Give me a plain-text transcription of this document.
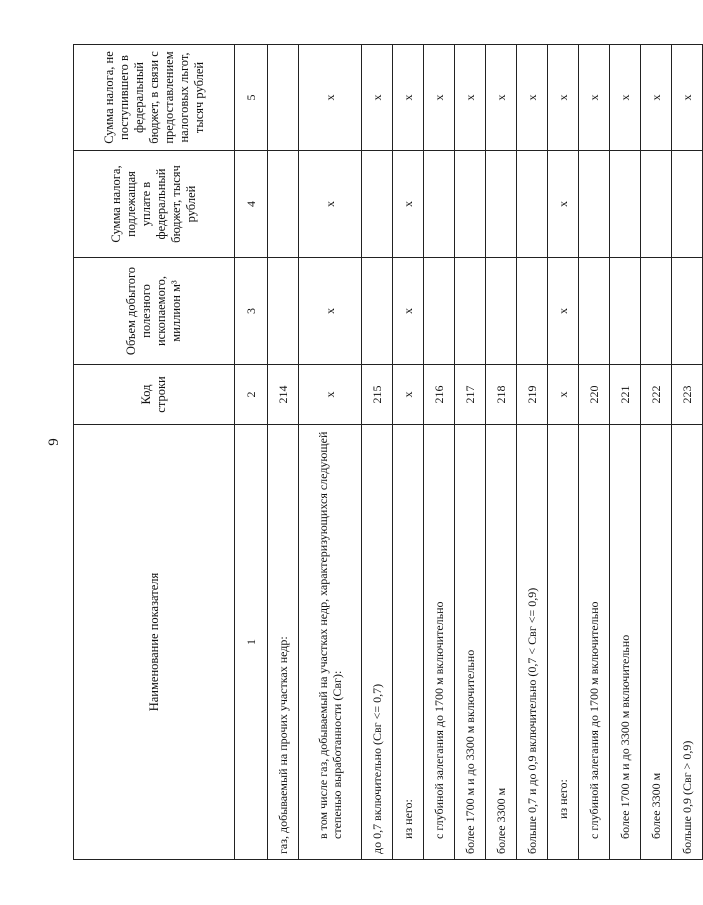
9
Наименование показателя	Код строки	Объем добытого полезного ископаемого, миллион м³	Сумма налога, подлежащая уплате в федеральный бюджет, тысяч рублей	Сумма налога, не поступившего в федеральный бюджет, в связи с предоставлением налоговых льгот, тысяч рублей
1	2	3	4	5
газ, добываемый на прочих участках недр:	214			
в том числе газ, добываемый на участках недр, характеризующихся следующей степенью выработанности (Свг):	х	х	х	х
до 0,7 включительно (Свг <= 0,7)	215			х
из него:	х	х	х	х
с глубиной залегания до 1700 м включительно	216			х
более 1700 м и до 3300 м включительно	217			х
более 3300 м	218			х
больше 0,7 и до 0,9 включительно (0,7 < Свг <= 0,9)	219			х
из него:	х	х	х	х
с глубиной залегания до 1700 м включительно	220			х
более 1700 м и до 3300 м включительно	221			х
более 3300 м	222			х
больше 0,9 (Свг > 0,9)	223			х
